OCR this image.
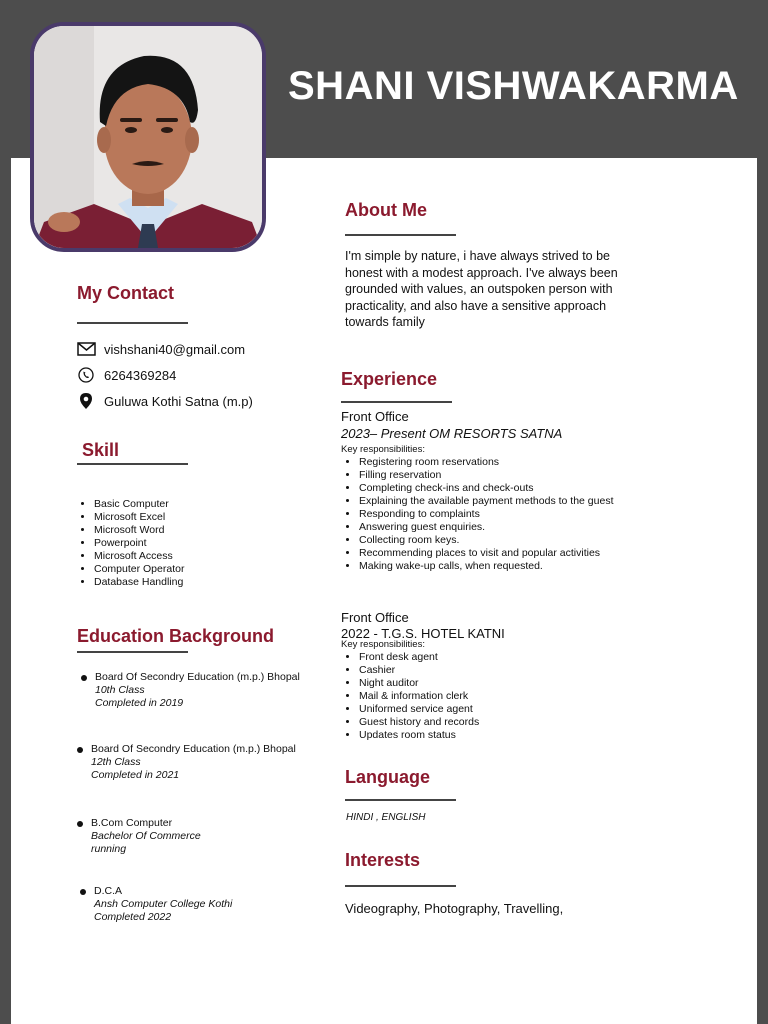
SHANI VISHWAKARMA
My Contact
vishshani40@gmail.com
6264369284
Guluwa Kothi Satna (m.p)
Skill
• Basic Computer
• Microsoft Excel
• Microsoft Word
• Powerpoint
• Microsoft Access
• Computer Operator
• Database Handling
Education Background
Board Of Secondry Education (m.p.) Bhopal
10th Class
Completed in 2019
Board Of Secondry Education (m.p.) Bhopal
12th Class
Completed in 2021
B.Com Computer
Bachelor Of Commerce
running
D.C.A
Ansh Computer College Kothi
Completed 2022
About Me
I'm simple by nature, i have always strived to be honest with a modest approach. I've always been grounded with values, an outspoken person with practicality, and also have a sensitive approach towards family
Experience
Front Office
2023– Present OM RESORTS SATNA
Key responsibilities:
• Registering room reservations
• Filling reservation
• Completing check-ins and check-outs
• Explaining the available payment methods to the guest
• Responding to complaints
• Answering guest enquiries.
• Collecting room keys.
• Recommending places to visit and popular activities
• Making wake-up calls, when requested.
Front Office
2022 - T.G.S. HOTEL KATNI
Key responsibilities:
• Front desk agent
• Cashier
• Night auditor
• Mail & information clerk
• Uniformed service agent
• Guest history and records
• Updates room status
Language
HINDI , ENGLISH
Interests
Videography, Photography, Travelling,
